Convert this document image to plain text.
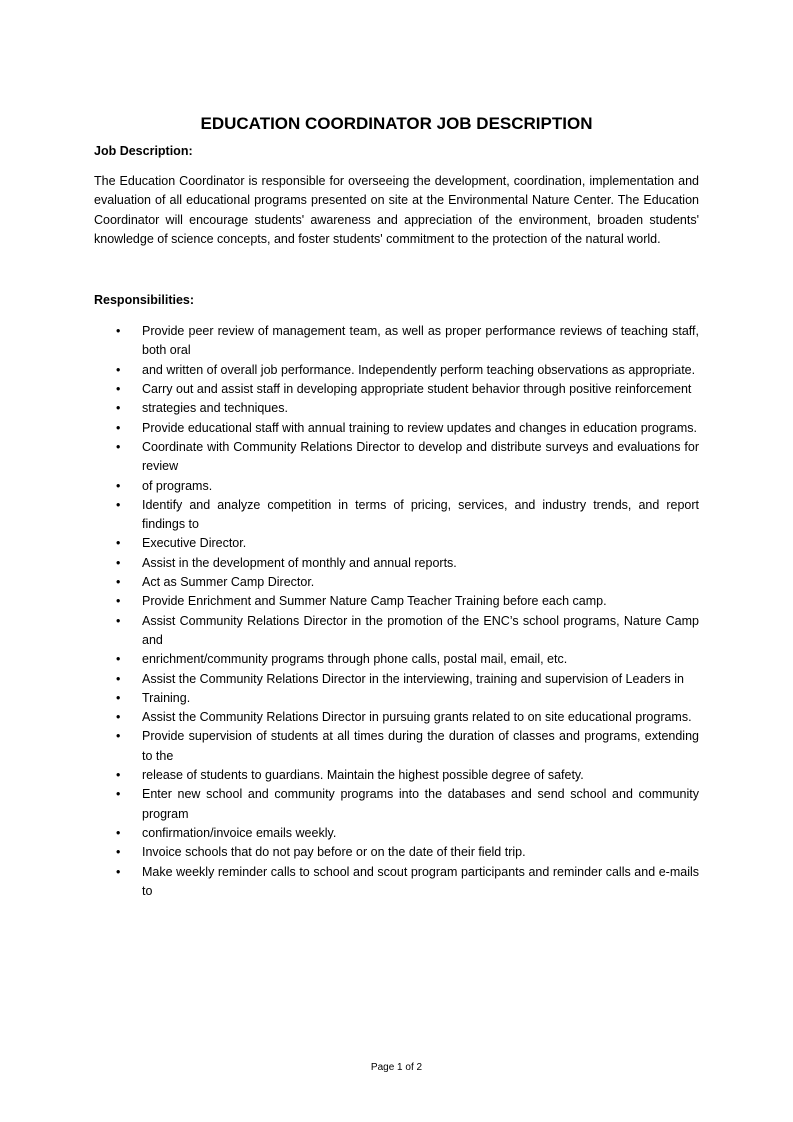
EDUCATION COORDINATOR JOB DESCRIPTION

Job Description:

The Education Coordinator is responsible for overseeing the development, coordination, implementation and evaluation of all educational programs presented on site at the Environmental Nature Center. The Education Coordinator will encourage students' awareness and appreciation of the environment, broaden students' knowledge of science concepts, and foster students' commitment to the protection of the natural world.

Responsibilities:

• Provide peer review of management team, as well as proper performance reviews of teaching staff, both oral
• and written of overall job performance. Independently perform teaching observations as appropriate.
• Carry out and assist staff in developing appropriate student behavior through positive reinforcement
• strategies and techniques.
• Provide educational staff with annual training to review updates and changes in education programs.
• Coordinate with Community Relations Director to develop and distribute surveys and evaluations for review
• of programs.
• Identify and analyze competition in terms of pricing, services, and industry trends, and report findings to
• Executive Director.
• Assist in the development of monthly and annual reports.
• Act as Summer Camp Director.
• Provide Enrichment and Summer Nature Camp Teacher Training before each camp.
• Assist Community Relations Director in the promotion of the ENC’s school programs, Nature Camp and
• enrichment/community programs through phone calls, postal mail, email, etc.
• Assist the Community Relations Director in the interviewing, training and supervision of Leaders in
• Training.
• Assist the Community Relations Director in pursuing grants related to on site educational programs.
• Provide supervision of students at all times during the duration of classes and programs, extending to the
• release of students to guardians. Maintain the highest possible degree of safety.
• Enter new school and community programs into the databases and send school and community program
• confirmation/invoice emails weekly.
• Invoice schools that do not pay before or on the date of their field trip.
• Make weekly reminder calls to school and scout program participants and reminder calls and e-mails to
Page 1 of 2
